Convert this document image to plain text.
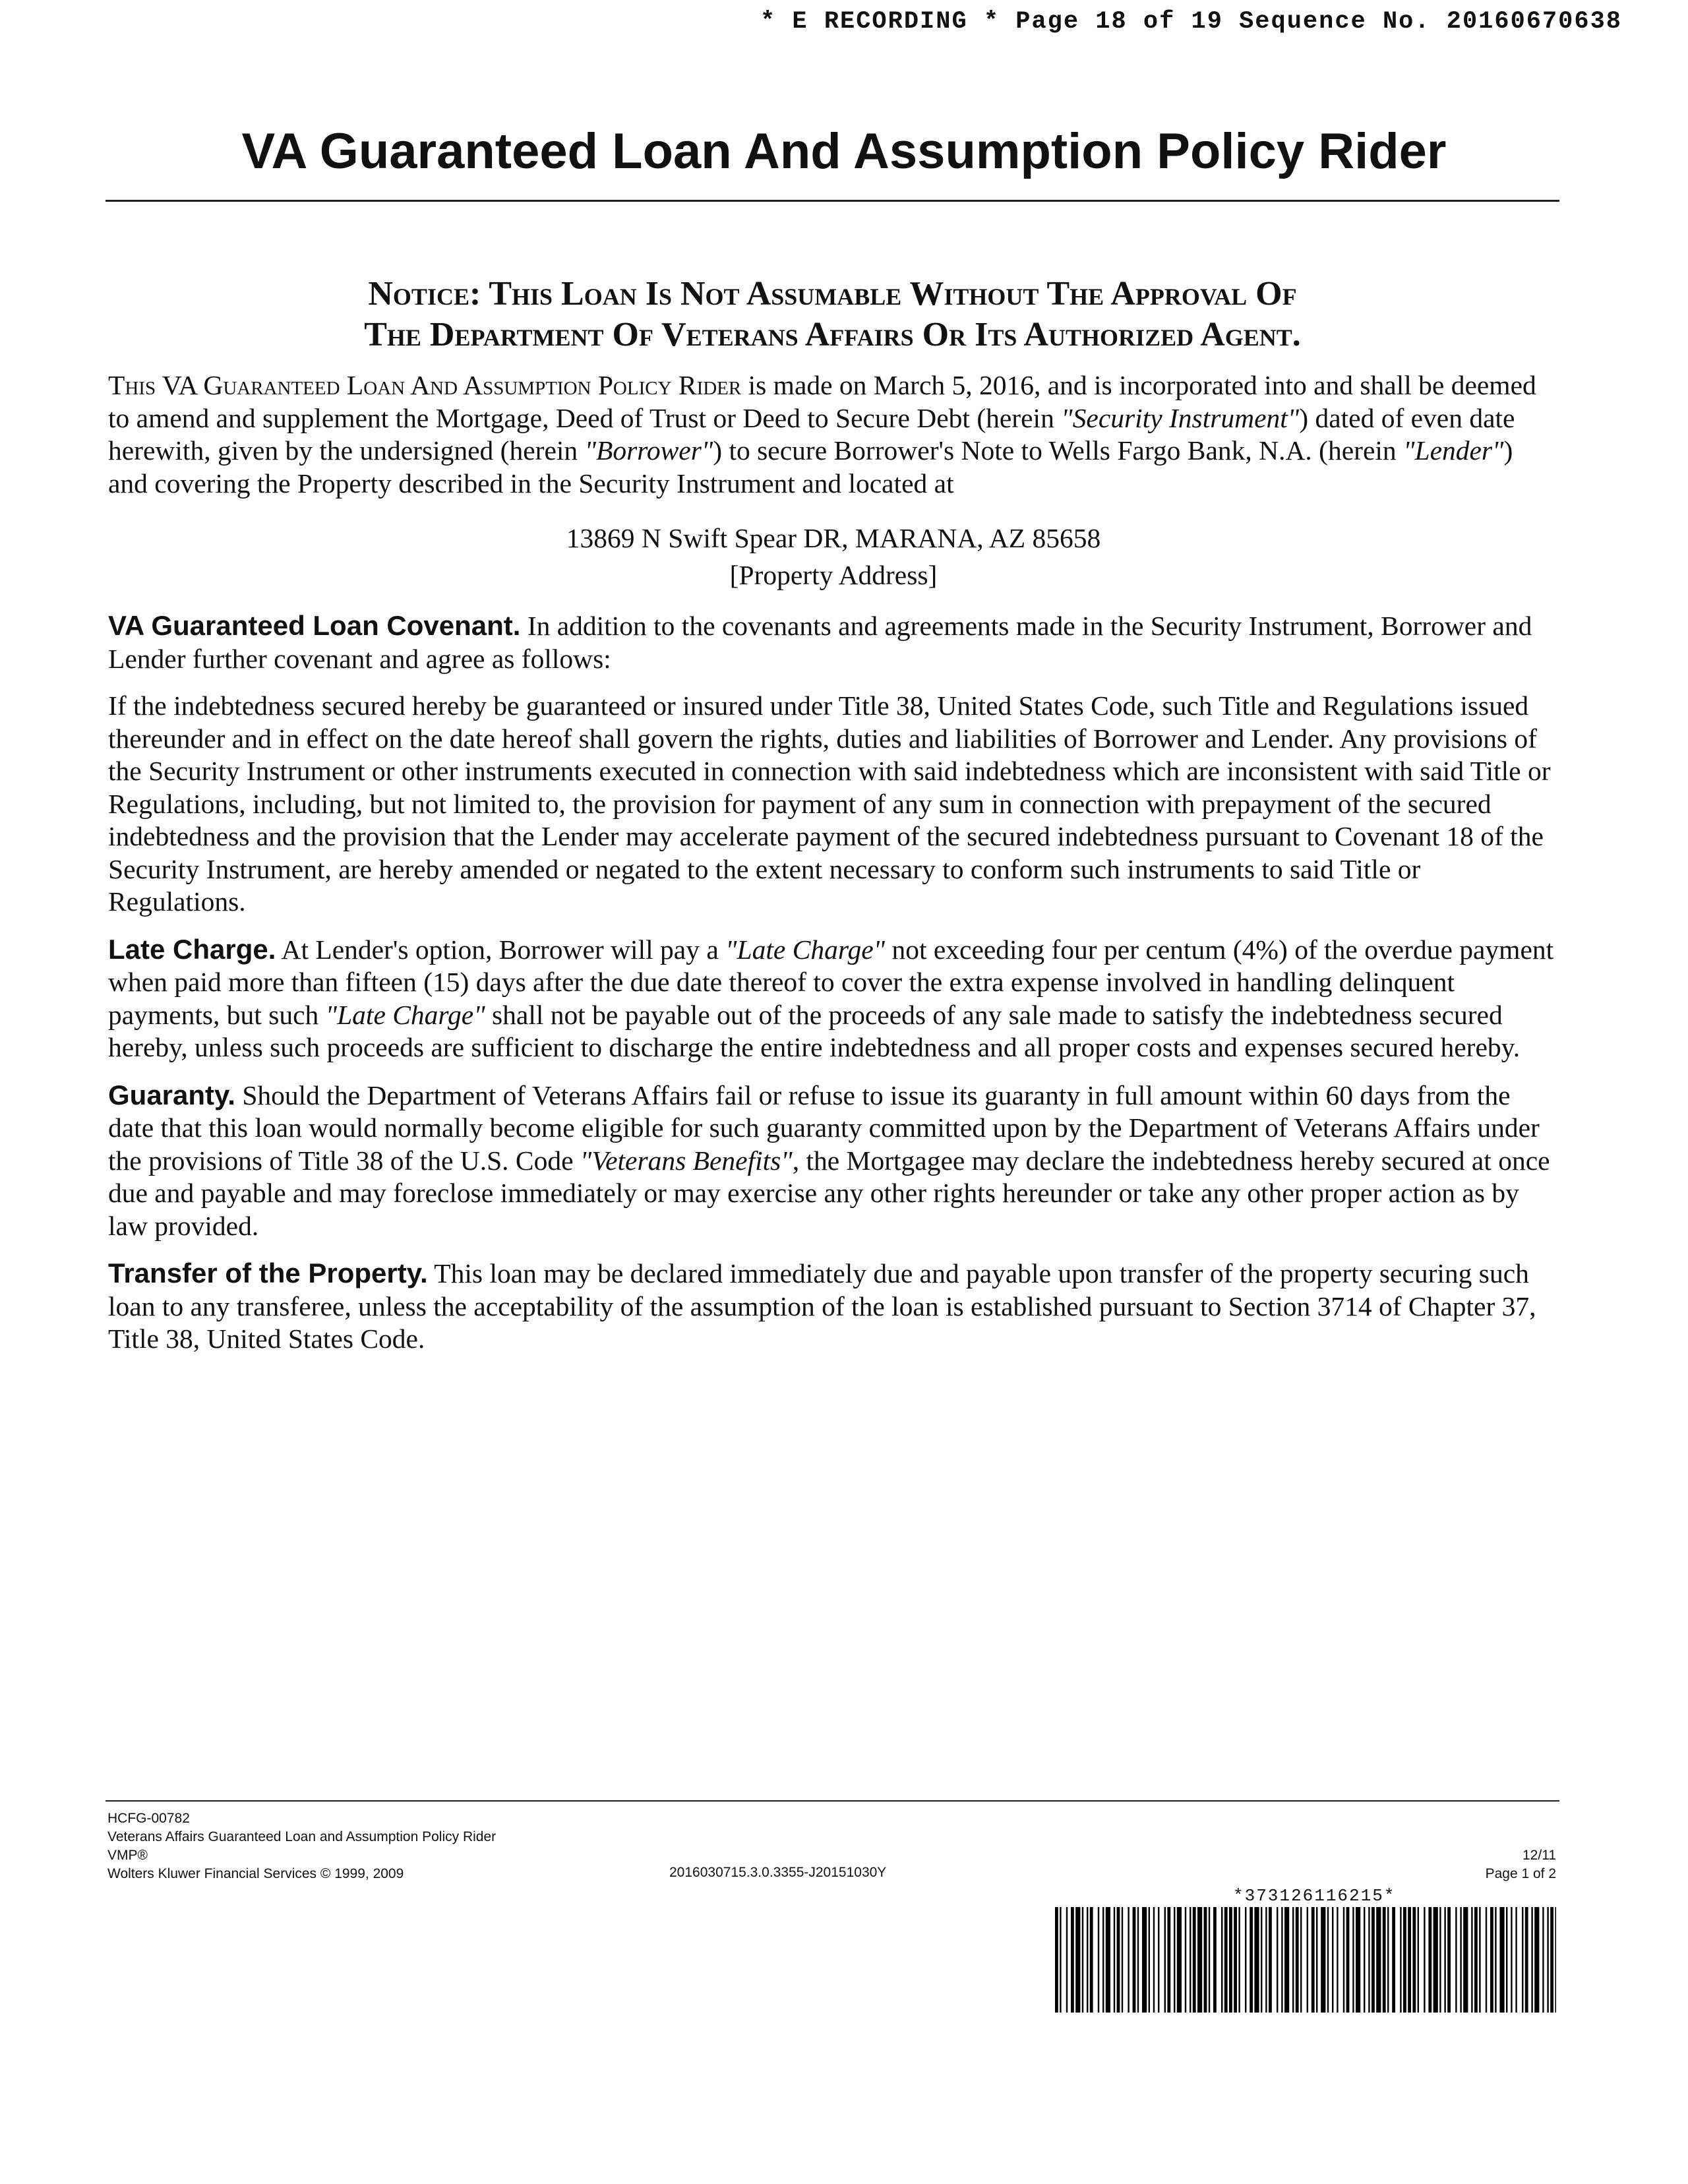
* E RECORDING * Page 18 of 19 Sequence No. 20160670638
VA Guaranteed Loan And Assumption Policy Rider
Notice: This Loan Is Not Assumable Without The Approval Of
The Department Of Veterans Affairs Or Its Authorized Agent.

This VA Guaranteed Loan And Assumption Policy Rider is made on March 5, 2016, and is incorporated into and shall be deemed to amend and supplement the Mortgage, Deed of Trust or Deed to Secure Debt (herein "Security Instrument") dated of even date herewith, given by the undersigned (herein "Borrower") to secure Borrower's Note to Wells Fargo Bank, N.A. (herein "Lender") and covering the Property described in the Security Instrument and located at

13869 N Swift Spear DR, MARANA, AZ 85658
[Property Address]

VA Guaranteed Loan Covenant. In addition to the covenants and agreements made in the Security Instrument, Borrower and Lender further covenant and agree as follows:

If the indebtedness secured hereby be guaranteed or insured under Title 38, United States Code, such Title and Regulations issued thereunder and in effect on the date hereof shall govern the rights, duties and liabilities of Borrower and Lender. Any provisions of the Security Instrument or other instruments executed in connection with said indebtedness which are inconsistent with said Title or Regulations, including, but not limited to, the provision for payment of any sum in connection with prepayment of the secured indebtedness and the provision that the Lender may accelerate payment of the secured indebtedness pursuant to Covenant 18 of the Security Instrument, are hereby amended or negated to the extent necessary to conform such instruments to said Title or Regulations.

Late Charge. At Lender's option, Borrower will pay a "Late Charge" not exceeding four per centum (4%) of the overdue payment when paid more than fifteen (15) days after the due date thereof to cover the extra expense involved in handling delinquent payments, but such "Late Charge" shall not be payable out of the proceeds of any sale made to satisfy the indebtedness secured hereby, unless such proceeds are sufficient to discharge the entire indebtedness and all proper costs and expenses secured hereby.

Guaranty. Should the Department of Veterans Affairs fail or refuse to issue its guaranty in full amount within 60 days from the date that this loan would normally become eligible for such guaranty committed upon by the Department of Veterans Affairs under the provisions of Title 38 of the U.S. Code "Veterans Benefits", the Mortgagee may declare the indebtedness hereby secured at once due and payable and may foreclose immediately or may exercise any other rights hereunder or take any other proper action as by law provided.

Transfer of the Property. This loan may be declared immediately due and payable upon transfer of the property securing such loan to any transferee, unless the acceptability of the assumption of the loan is established pursuant to Section 3714 of Chapter 37, Title 38, United States Code.

HCFG-00782
Veterans Affairs Guaranteed Loan and Assumption Policy Rider
VMP®
Wolters Kluwer Financial Services © 1999, 2009	2016030715.3.0.3355-J20151030Y
12/11
Page 1 of 2
*373126116215*
